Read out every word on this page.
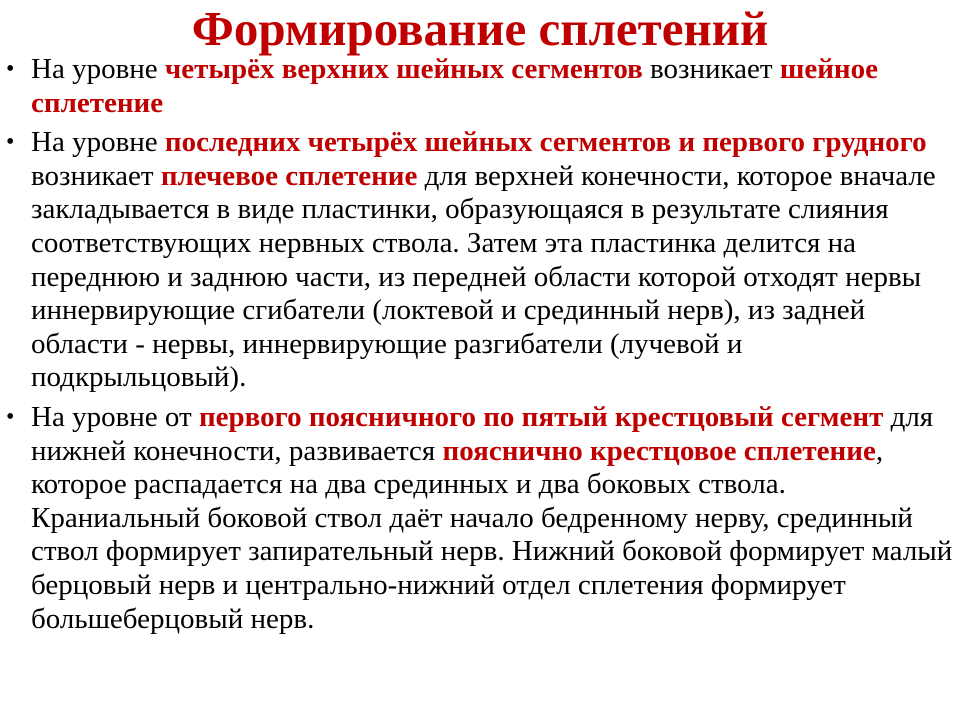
Формирование сплетений
• На уровне четырёх верхних шейных сегментов возникает шейное сплетение
• На уровне последних четырёх шейных сегментов и первого грудного возникает плечевое сплетение для верхней конечности, которое вначале закладывается в виде пластинки, образующаяся в результате слияния соответствующих нервных ствола. Затем эта пластинка делится на переднюю и заднюю части, из передней области которой отходят нервы иннервирующие сгибатели (локтевой и срединный нерв), из задней области - нервы, иннервирующие разгибатели (лучевой и подкрыльцовый).
• На уровне от первого поясничного по пятый крестцовый сегмент для нижней конечности, развивается пояснично крестцовое сплетение, которое распадается на два срединных и два боковых ствола. Краниальный боковой ствол даёт начало бедренному нерву, срединный ствол формирует запирательный нерв. Нижний боковой формирует малый берцовый нерв и центрально-нижний отдел сплетения формирует большеберцовый нерв.
